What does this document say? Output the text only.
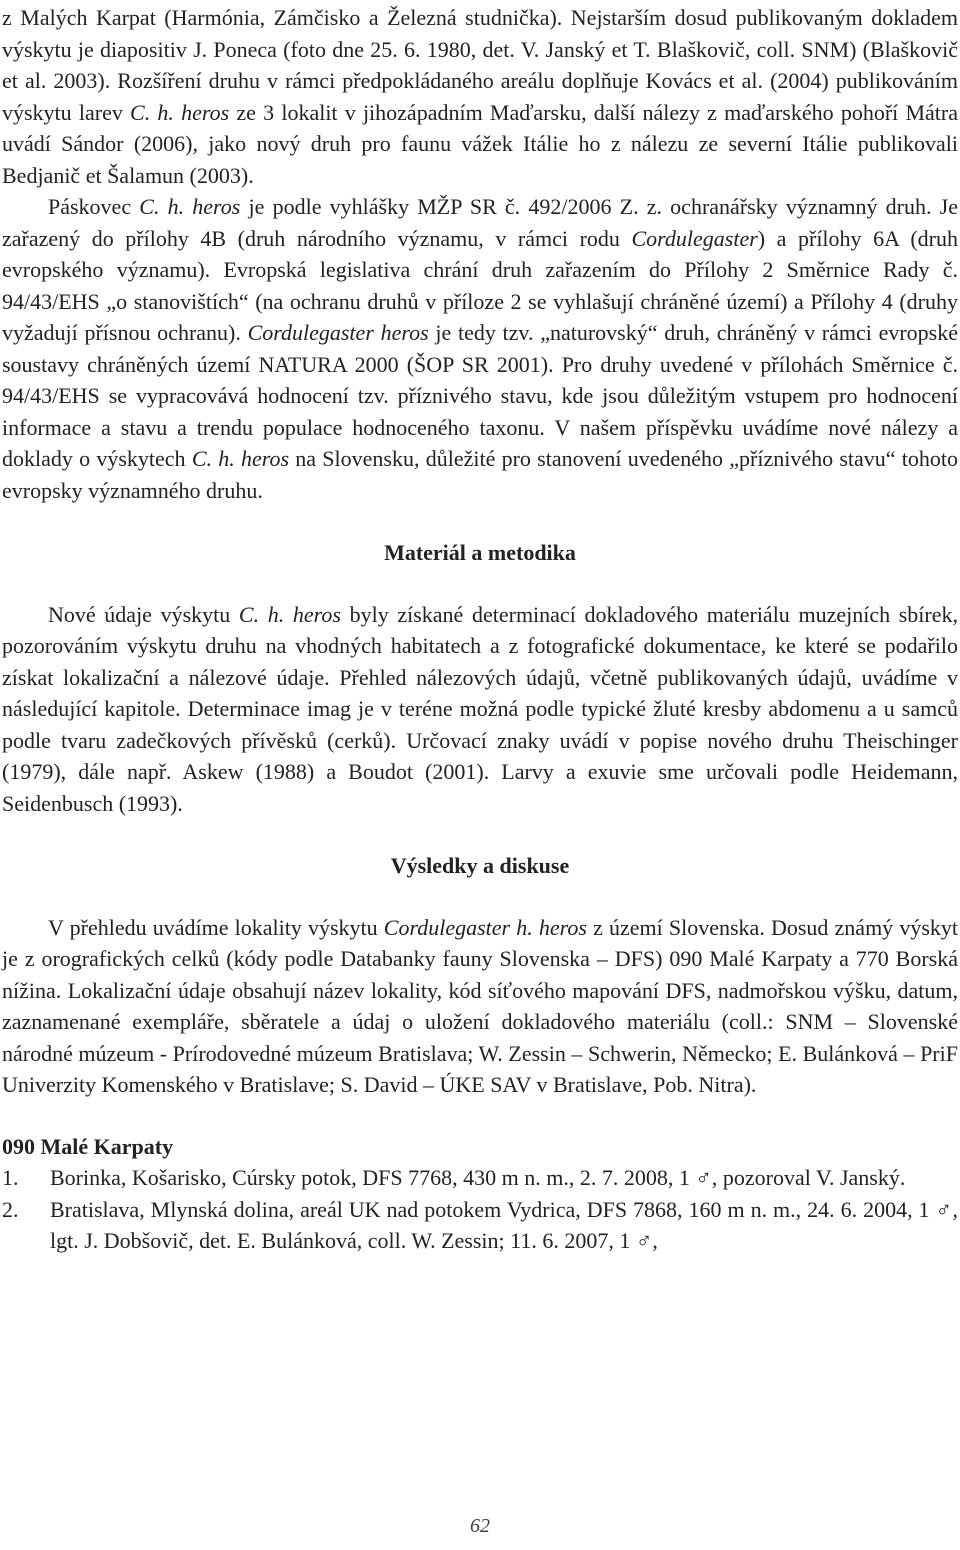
z Malých Karpat (Harmónia, Zámčisko a Železná studnička). Nejstarším dosud publikovaným dokladem výskytu je diapositiv J. Poneca (foto dne 25. 6. 1980, det. V. Janský et T. Blaškovič, coll. SNM) (Blaškovič et al. 2003). Rozšíření druhu v rámci předpokládaného areálu doplňuje Kovács et al. (2004) publikováním výskytu larev C. h. heros ze 3 lokalit v jihozápadním Maďarsku, další nálezy z maďarského pohoří Mátra uvádí Sándor (2006), jako nový druh pro faunu vážek Itálie ho z nálezu ze severní Itálie publikovali Bedjanič et Šalamun (2003).

Páskovec C. h. heros je podle vyhlášky MŽP SR č. 492/2006 Z. z. ochranářsky významný druh. Je zařazený do přílohy 4B (druh národního významu, v rámci rodu Cordulegaster) a přílohy 6A (druh evropského významu). Evropská legislativa chrání druh zařazením do Přílohy 2 Směrnice Rady č. 94/43/EHS „o stanovištích“ (na ochranu druhů v příloze 2 se vyhlašují chráněné území) a Přílohy 4 (druhy vyžadují přísnou ochranu). Cordulegaster heros je tedy tzv. „naturovský“ druh, chráněný v rámci evropské soustavy chráněných území NATURA 2000 (ŠOP SR 2001). Pro druhy uvedené v přílohách Směrnice č. 94/43/EHS se vypracovává hodnocení tzv. příznivého stavu, kde jsou důležitým vstupem pro hodnocení informace a stavu a trendu populace hodnoceného taxonu. V našem příspěvku uvádíme nové nálezy a doklady o výskytech C. h. heros na Slovensku, důležité pro stanovení uvedeného „příznivého stavu“ tohoto evropsky významného druhu.

Materiál a metodika

Nové údaje výskytu C. h. heros byly získané determinací dokladového materiálu muzejních sbírek, pozorováním výskytu druhu na vhodných habitatech a z fotografické dokumentace, ke které se podařilo získat lokalizační a nálezové údaje. Přehled nálezových údajů, včetně publikovaných údajů, uvádíme v následující kapitole. Determinace imag je v teréne možná podle typické žluté kresby abdomenu a u samců podle tvaru zadečkových přívěsků (cerků). Určovací znaky uvádí v popise nového druhu Theischinger (1979), dále např. Askew (1988) a Boudot (2001). Larvy a exuvie sme určovali podle Heidemann, Seidenbusch (1993).

Výsledky a diskuse

V přehledu uvádíme lokality výskytu Cordulegaster h. heros z území Slovenska. Dosud známý výskyt je z orografických celků (kódy podle Databanky fauny Slovenska – DFS) 090 Malé Karpaty a 770 Borská nížina. Lokalizační údaje obsahují název lokality, kód síťového mapování DFS, nadmořskou výšku, datum, zaznamenané exempláře, sběratele a údaj o uložení dokladového materiálu (coll.: SNM – Slovenské národné múzeum - Prírodovedné múzeum Bratislava; W. Zessin – Schwerin, Německo; E. Bulánková – PriF Univerzity Komenského v Bratislave; S. David – ÚKE SAV v Bratislave, Pob. Nitra).

090 Malé Karpaty
1.	Borinka, Košarisko, Cúrsky potok, DFS 7768, 430 m n. m., 2. 7. 2008, 1 ♂, pozoroval V. Janský.
2.	Bratislava, Mlynská dolina, areál UK nad potokem Vydrica, DFS 7868, 160 m n. m., 24. 6. 2004, 1 ♂, lgt. J. Dobšovič, det. E. Bulánková, coll. W. Zessin; 11. 6. 2007, 1 ♂,
62
